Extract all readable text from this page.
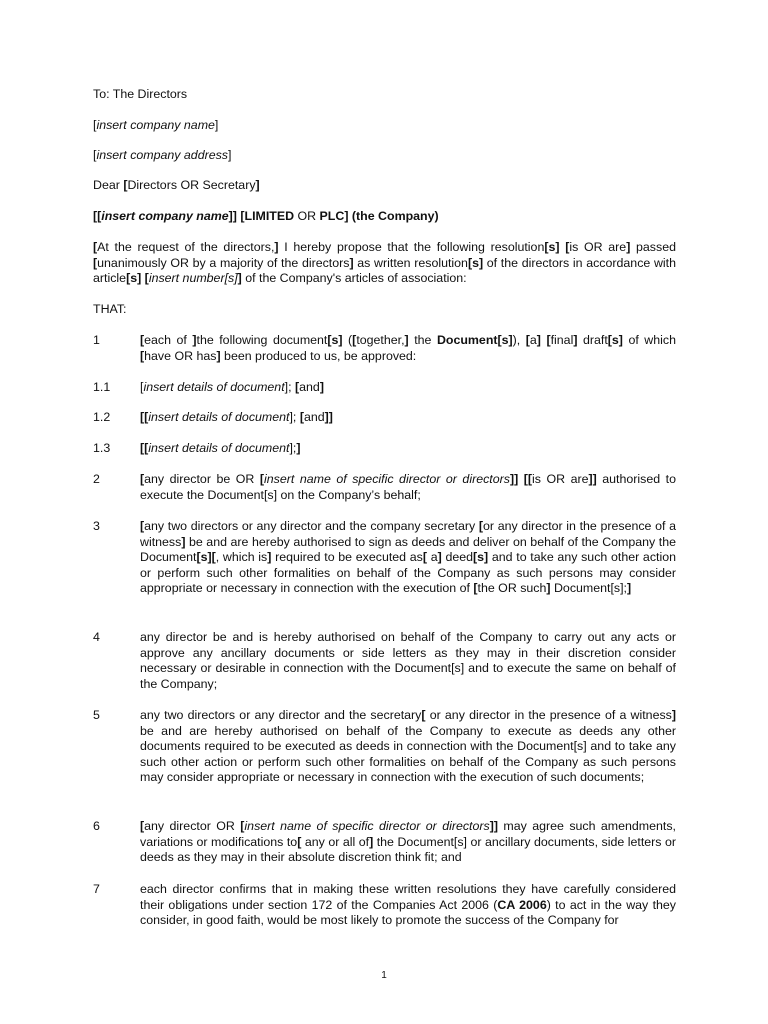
To: The Directors

[insert company name]

[insert company address]

Dear [Directors OR Secretary]

[[insert company name]] [LIMITED OR PLC] (the Company)

[At the request of the directors,] I hereby propose that the following resolution[s] [is OR are] passed [unanimously OR by a majority of the directors] as written resolution[s] of the directors in accordance with article[s] [insert number[s]] of the Company's articles of association:

THAT:

1	[each of ]the following document[s] ([together,] the Document[s]), [a] [final] draft[s] of which [have OR has] been produced to us, be approved:
1.1 [insert details of document]; [and]
1.2 [[insert details of document]; [and]]
1.3 [[insert details of document];]
2	[any director be OR [insert name of specific director or directors]] [[is OR are]] authorised to execute the Document[s] on the Company’s behalf;
3	[any two directors or any director and the company secretary [or any director in the presence of a witness] be and are hereby authorised to sign as deeds and deliver on behalf of the Company the Document[s][, which is] required to be executed as[ a] deed[s] and to take any such other action or perform such other formalities on behalf of the Company as such persons may consider appropriate or necessary in connection with the execution of [the OR such] Document[s];]
4	any director be and is hereby authorised on behalf of the Company to carry out any acts or approve any ancillary documents or side letters as they may in their discretion consider necessary or desirable in connection with the Document[s] and to execute the same on behalf of the Company;
5	any two directors or any director and the secretary[ or any director in the presence of a witness] be and are hereby authorised on behalf of the Company to execute as deeds any other documents required to be executed as deeds in connection with the Document[s] and to take any such other action or perform such other formalities on behalf of the Company as such persons may consider appropriate or necessary in connection with the execution of such documents;
6	[any director OR [insert name of specific director or directors]] may agree such amendments, variations or modifications to[ any or all of] the Document[s] or ancillary documents, side letters or deeds as they may in their absolute discretion think fit; and
7	each director confirms that in making these written resolutions they have carefully considered their obligations under section 172 of the Companies Act 2006 (CA 2006) to act in the way they consider, in good faith, would be most likely to promote the success of the Company for
1
